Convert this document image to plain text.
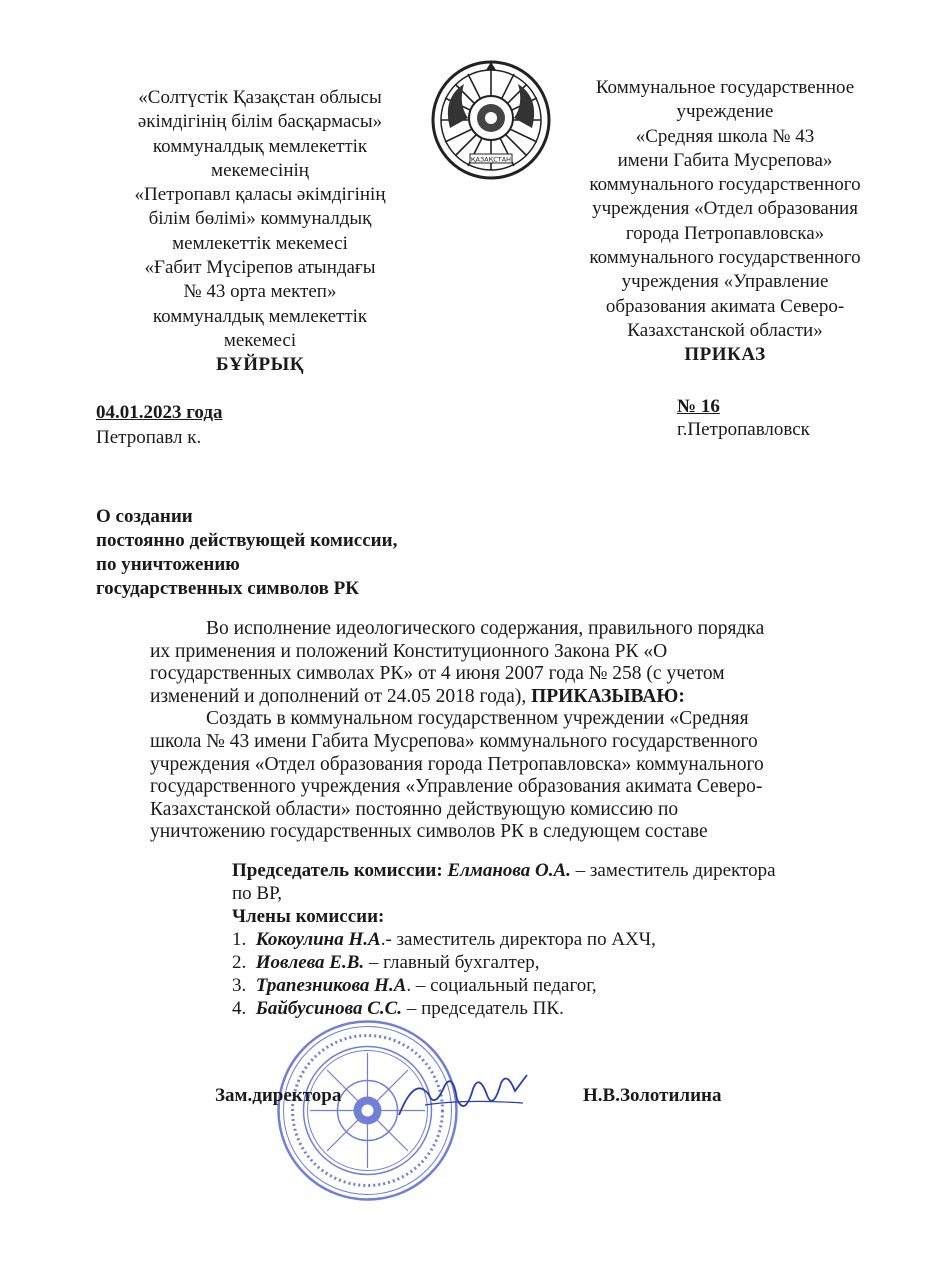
«Солтүстік Қазақстан облысы
әкімдігінің білім басқармасы»
коммуналдық мемлекеттік
мекемесінің
«Петропавл қаласы әкімдігінің
білім бөлімі» коммуналдық
мемлекеттік мекемесі
«Ғабит Мүсірепов атындағы
№ 43 орта мектеп»
коммуналдық мемлекеттік
мекемесі
БҰЙРЫҚ
Коммунальное государственное
учреждение
«Средняя школа № 43
имени Габита Мусрепова»
коммунального государственного
учреждения «Отдел образования
города Петропавловска»
коммунального государственного
учреждения «Управление
образования акимата Северо-
Казахстанской области»
ПРИКАЗ
ҚАЗАҚСТАН
04.01.2023 года
Петропавл к.
№ 16
г.Петропавловск
О создании
постоянно действующей комиссии,
по уничтожению
государственных символов РК
Во исполнение идеологического содержания, правильного порядка
их применения и положений Конституционного Закона РК «О
государственных символах РК» от 4 июня 2007 года № 258 (с учетом
изменений и дополнений от 24.05 2018 года), ПРИКАЗЫВАЮ:
Создать в коммунальном государственном учреждении «Средняя
школа № 43 имени Габита Мусрепова» коммунального государственного
учреждения «Отдел образования города Петропавловска» коммунального
государственного учреждения «Управление образования акимата Северо-
Казахстанской области» постоянно действующую комиссию по
уничтожению государственных символов РК в следующем составе
Председатель комиссии: Елманова О.А. – заместитель директора
по ВР,
Члены комиссии:
1. Кокоулина Н.А.- заместитель директора по АХЧ,
2. Иовлева Е.В. – главный бухгалтер,
3. Трапезникова Н.А. – социальный педагог,
4. Байбусинова С.С. – председатель ПК.
Зам.директора	Н.В.Золотилина
